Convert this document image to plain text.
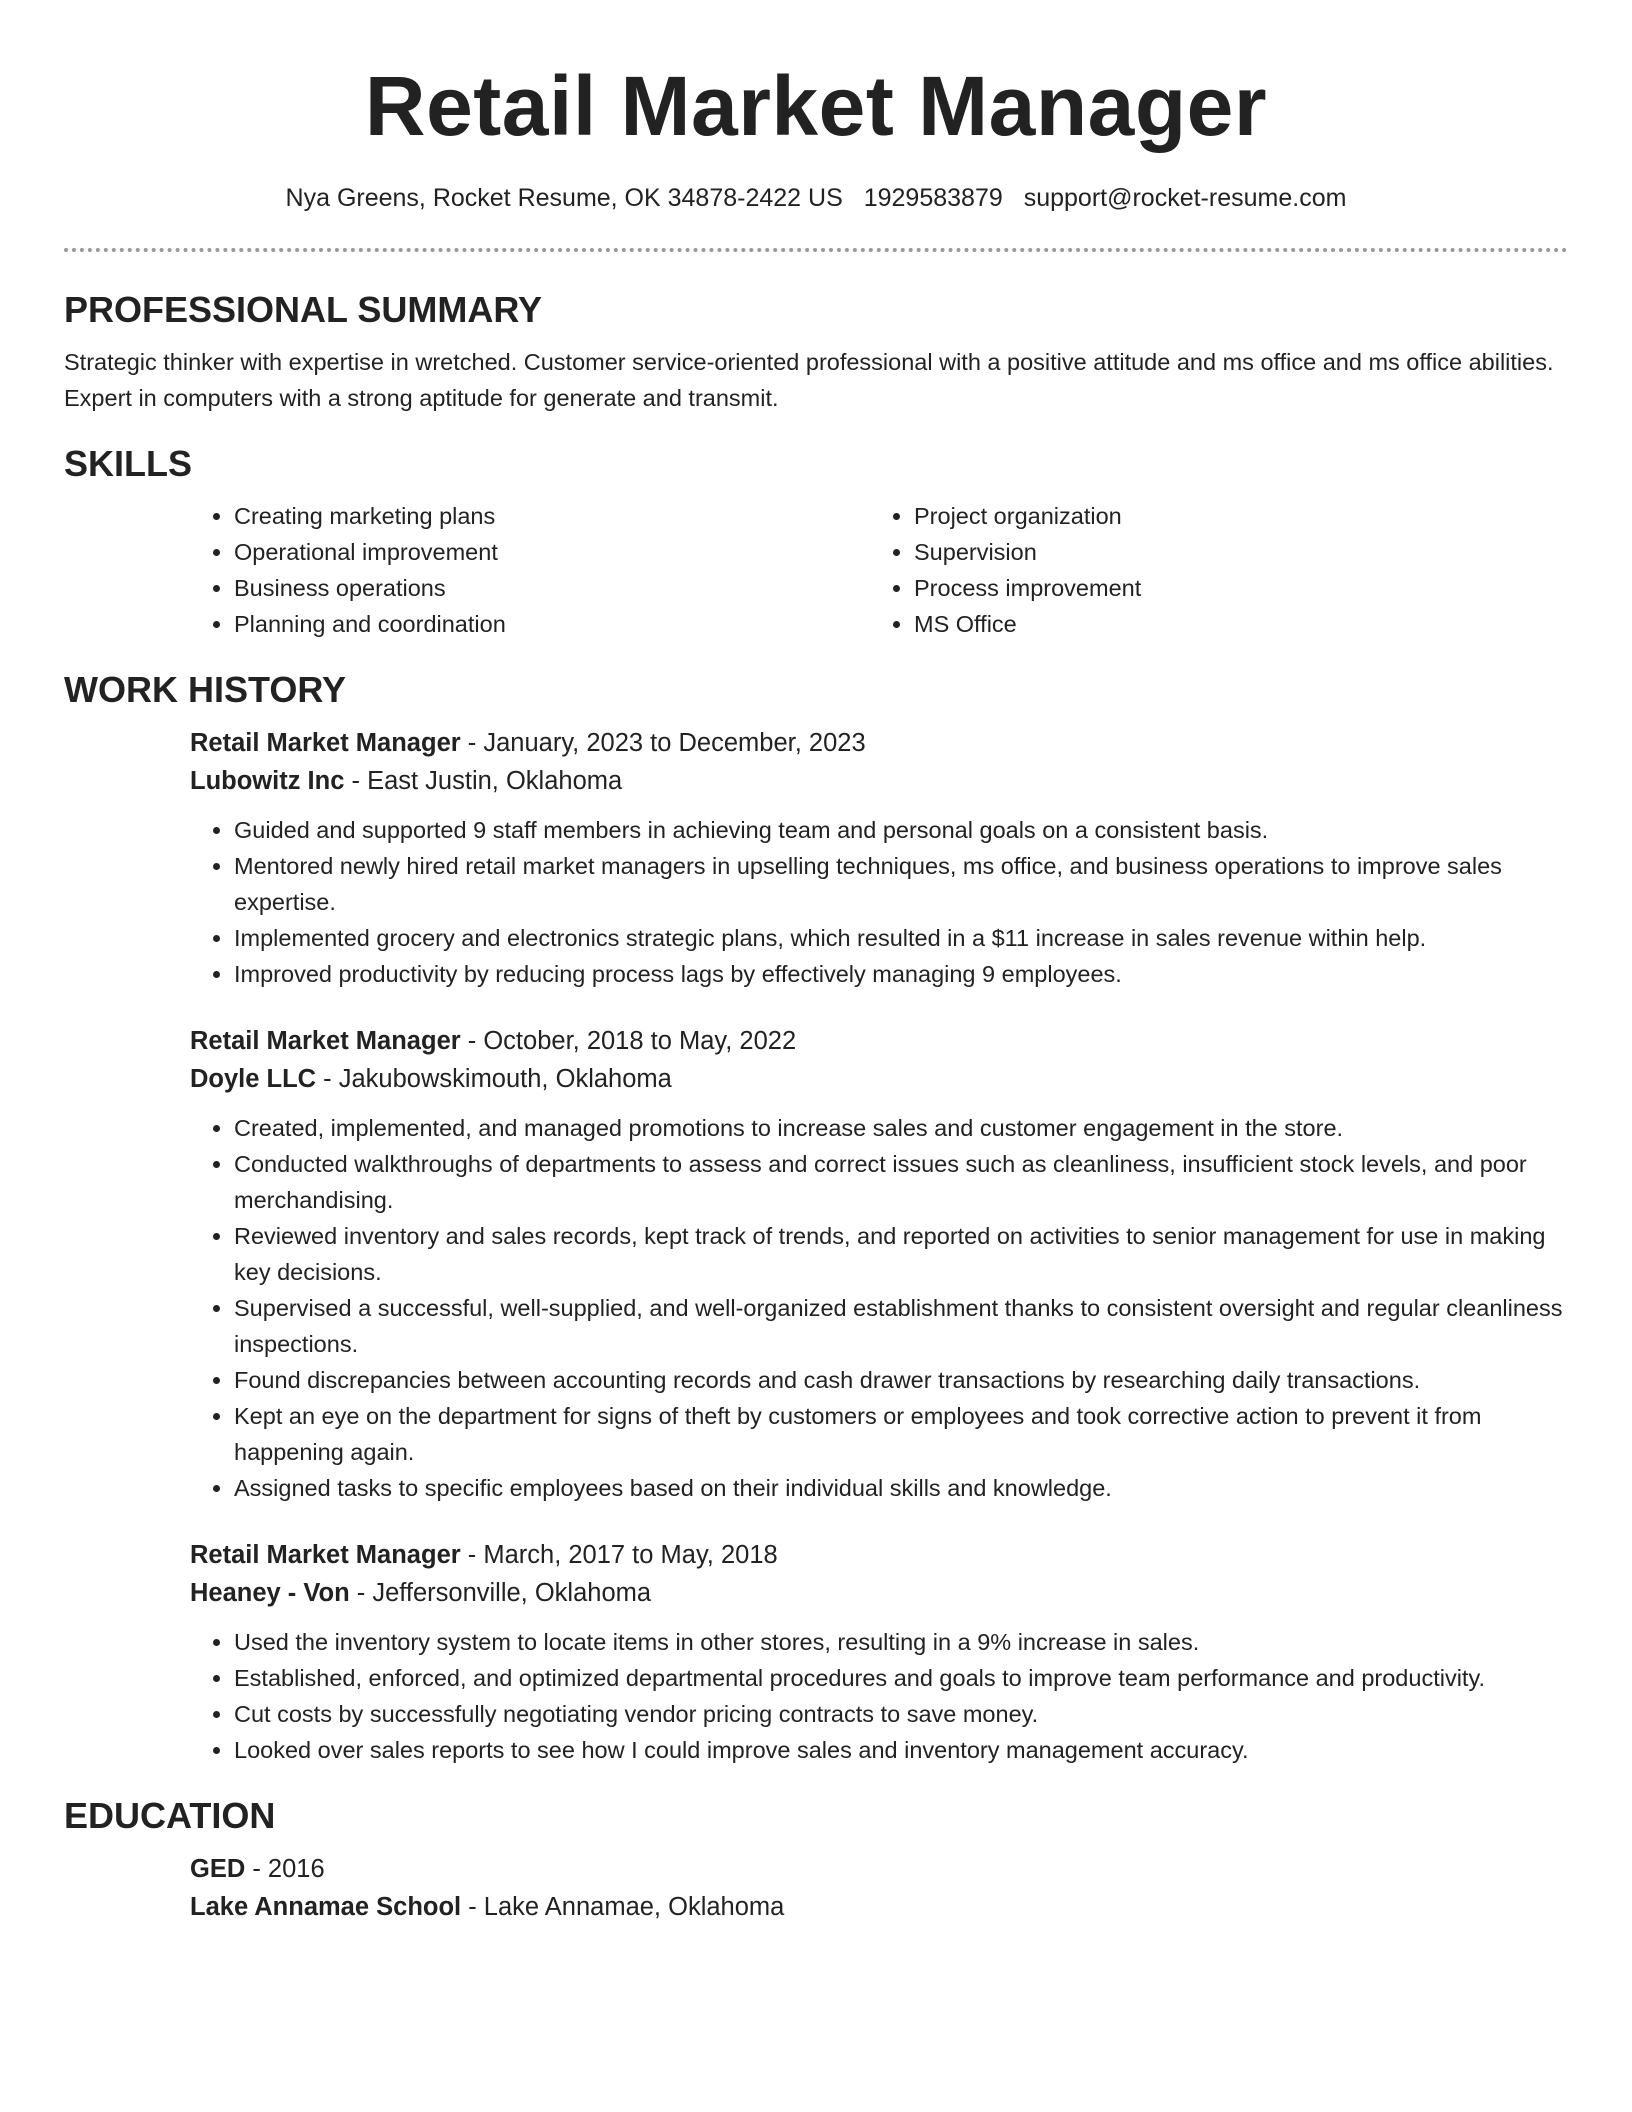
Retail Market Manager
Nya Greens, Rocket Resume, OK 34878-2422 US 1929583879 support@rocket-resume.com
PROFESSIONAL SUMMARY

Strategic thinker with expertise in wretched. Customer service-oriented professional with a positive attitude and ms office and ms office abilities. Expert in computers with a strong aptitude for generate and transmit.

SKILLS
• Creating marketing plans
• Operational improvement
• Business operations
• Planning and coordination
• Project organization
• Supervision
• Process improvement
• MS Office
WORK HISTORY

Retail Market Manager - January, 2023 to December, 2023

Lubowitz Inc - East Justin, Oklahoma

• Guided and supported 9 staff members in achieving team and personal goals on a consistent basis.
• Mentored newly hired retail market managers in upselling techniques, ms office, and business operations to improve sales expertise.
• Implemented grocery and electronics strategic plans, which resulted in a $11 increase in sales revenue within help.
• Improved productivity by reducing process lags by effectively managing 9 employees.

Retail Market Manager - October, 2018 to May, 2022

Doyle LLC - Jakubowskimouth, Oklahoma

• Created, implemented, and managed promotions to increase sales and customer engagement in the store.
• Conducted walkthroughs of departments to assess and correct issues such as cleanliness, insufficient stock levels, and poor merchandising.
• Reviewed inventory and sales records, kept track of trends, and reported on activities to senior management for use in making key decisions.
• Supervised a successful, well-supplied, and well-organized establishment thanks to consistent oversight and regular cleanliness inspections.
• Found discrepancies between accounting records and cash drawer transactions by researching daily transactions.
• Kept an eye on the department for signs of theft by customers or employees and took corrective action to prevent it from happening again.
• Assigned tasks to specific employees based on their individual skills and knowledge.

Retail Market Manager - March, 2017 to May, 2018

Heaney - Von - Jeffersonville, Oklahoma

• Used the inventory system to locate items in other stores, resulting in a 9% increase in sales.
• Established, enforced, and optimized departmental procedures and goals to improve team performance and productivity.
• Cut costs by successfully negotiating vendor pricing contracts to save money.
• Looked over sales reports to see how I could improve sales and inventory management accuracy.
EDUCATION

GED - 2016

Lake Annamae School - Lake Annamae, Oklahoma
